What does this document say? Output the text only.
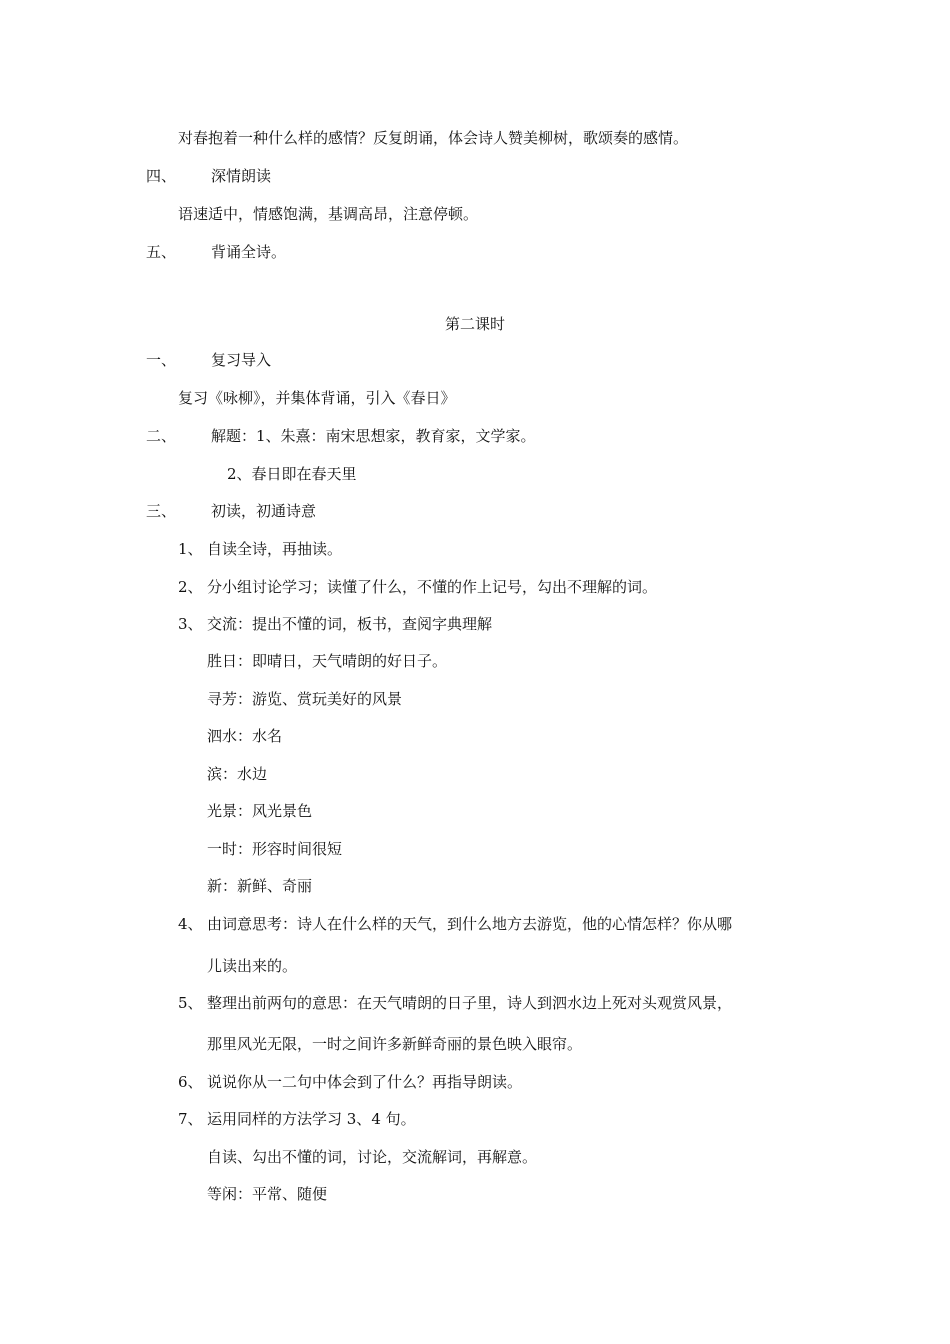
对春抱着一种什么样的感情？反复朗诵，体会诗人赞美柳树，歌颂奏的感情。
四、 深情朗读
语速适中，情感饱满，基调高昂，注意停顿。
五、 背诵全诗。
第二课时
一、 复习导入
复习《咏柳》，并集体背诵，引入《春日》
二、 解题：1、朱熹：南宋思想家，教育家，文学家。
2、春日即在春天里
三、 初读，初通诗意
1、 自读全诗，再抽读。
2、 分小组讨论学习；读懂了什么，不懂的作上记号，勾出不理解的词。
3、 交流：提出不懂的词，板书，查阅字典理解
胜日：即晴日，天气晴朗的好日子。
寻芳：游览、赏玩美好的风景
泗水：水名
滨：水边
光景：风光景色
一时：形容时间很短
新：新鲜、奇丽
4、 由词意思考：诗人在什么样的天气，到什么地方去游览，他的心情怎样？你从哪
儿读出来的。
5、 整理出前两句的意思：在天气晴朗的日子里，诗人到泗水边上死对头观赏风景，
那里风光无限，一时之间许多新鲜奇丽的景色映入眼帘。
6、 说说你从一二句中体会到了什么？再指导朗读。
7、 运用同样的方法学习 3、4 句。
自读、勾出不懂的词，讨论，交流解词，再解意。
等闲：平常、随便
